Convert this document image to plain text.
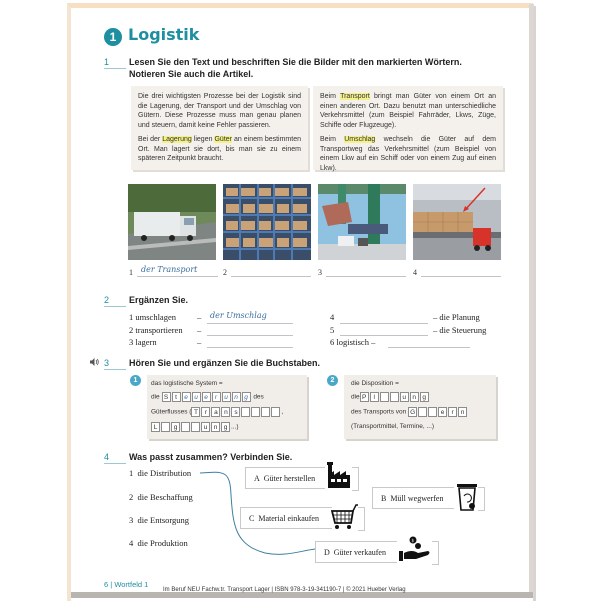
1 Logistik
1	Lesen Sie den Text und beschriften Sie die Bilder mit den markierten Wörtern.
Notieren Sie auch die Artikel.

Die drei wichtigsten Prozesse bei der Logistik sind die Lagerung, der Transport und der Umschlag von Gütern. Diese Prozesse muss man genau planen und steuern, damit keine Fehler passieren.

Bei der Lagerung liegen Güter an einem bestimmten Ort. Man lagert sie dort, bis man sie zu einem späteren Zeitpunkt braucht.

Beim Transport bringt man Güter von einem Ort an einen anderen Ort. Dazu benutzt man unterschiedliche Verkehrsmittel (zum Beispiel Fahrräder, Lkws, Züge, Schiffe oder Flugzeuge).

Beim Umschlag wechseln die Güter auf dem Transportweg das Verkehrsmittel (zum Beispiel von einem Lkw auf ein Schiff oder von einem Zug auf einen Lkw).

1 der Transport	2	3	4
2	Ergänzen Sie.
1 umschlagen – der Umschlag
2 transportieren –
3 lagern	–
4	– die Planung
5	– die Steuerung
6 logistisch –
3	Hören Sie und ergänzen Sie die Buchstaben.
1	das logistische System =
die S t e u e r u n g des
Güterflusses ( T r a n s	,
L	g	u n g ...)
2	die Disposition =
die P l	u n g
des Transports von G	e r n
(Transportmittel, Termine, ...)
4	Was passt zusammen? Verbinden Sie.
1 die Distribution
2 die Beschaffung
3 die Entsorgung
4 die Produktion
A Güter herstellen
B Müll wegwerfen
C Material einkaufen
D Güter verkaufen
$
6 | Wortfeld 1
Im Beruf NEU Fachw.tr. Transport Lager | ISBN 978-3-19-341190-7 | © 2021 Hueber Verlag
